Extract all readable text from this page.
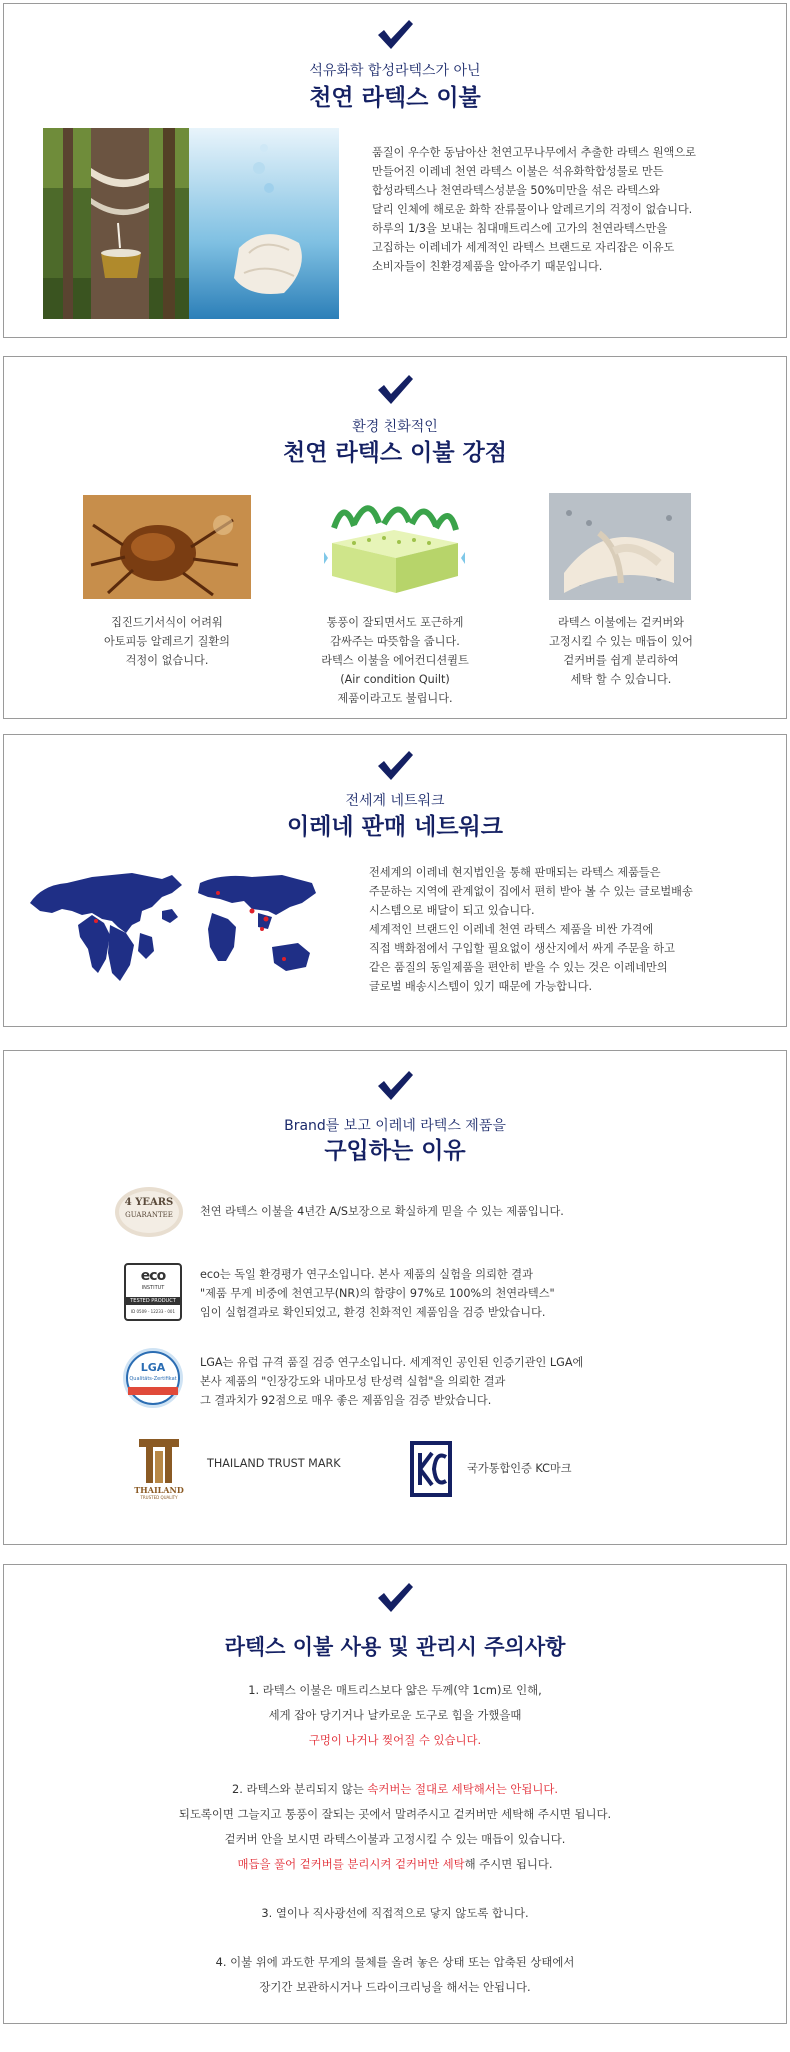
석유화학 합성라텍스가 아닌
천연 라텍스 이불
품질이 우수한 동남아산 천연고무나무에서 추출한 라텍스 원액으로
만들어진 이레네 천연 라텍스 이불은 석유화학합성물로 만든
합성라텍스나 천연라텍스성분을 50%미만을 섞은 라텍스와
달리 인체에 해로운 화학 잔류물이나 알레르기의 걱정이 없습니다.
하루의 1/3을 보내는 침대매트리스에 고가의 천연라텍스만을
고집하는 이레네가 세계적인 라텍스 브랜드로 자리잡은 이유도
소비자들이 친환경제품을 알아주기 때문입니다.
환경 친화적인
천연 라텍스 이불 강점
집진드기서식이 어려워
아토피등 알레르기 질환의
걱정이 없습니다.
통풍이 잘되면서도 포근하게
감싸주는 따뜻함을 줍니다.
라텍스 이불을 에어컨디션퀼트
(Air condition Quilt)
제품이라고도 불립니다.
라텍스 이불에는 겉커버와
고정시킬 수 있는 매듭이 있어
겉커버를 쉽게 분리하여
세탁 할 수 있습니다.
전세계 네트워크
이레네 판매 네트워크
전세계의 이레네 현지법인을 통해 판매되는 라텍스 제품들은
주문하는 지역에 관계없이 집에서 편히 받아 볼 수 있는 글로벌배송
시스템으로 배달이 되고 있습니다.
세계적인 브랜드인 이레네 천연 라텍스 제품을 비싼 가격에
직접 백화점에서 구입할 필요없이 생산지에서 싸게 주문을 하고
같은 품질의 동일제품을 편안히 받을 수 있는 것은 이레네만의
글로벌 배송시스템이 있기 때문에 가능합니다.
Brand를 보고 이레네 라텍스 제품을
구입하는 이유
4 YEARS
GUARANTEE	천연 라텍스 이불을 4년간 A/S보장으로 확실하게 믿을 수 있는 제품입니다.
eco
INSTITUT
TESTED PRODUCT
ID 0509 - 12233 - 001
eco는 독일 환경평가 연구소입니다. 본사 제품의 실험을 의뢰한 결과
"제품 무게 비중에 천연고무(NR)의 함량이 97%로 100%의 천연라텍스"
임이 실험결과로 확인되었고, 환경 친화적인 제품임을 검증 받았습니다.
LGA
Qualitäts-Zertifikat
LGA는 유럽 규격 품질 검증 연구소입니다. 세계적인 공인된 인증기관인 LGA에
본사 제품의 "인장강도와 내마모성 탄성력 실험"을 의뢰한 결과
그 결과치가 92점으로 매우 좋은 제품임을 검증 받았습니다.
THAILAND
TRUSTED QUALITY
THAILAND TRUST MARK	국가통합인증 KC마크
라텍스 이불 사용 및 관리시 주의사항
1. 라텍스 이불은 매트리스보다 얇은 두께(약 1cm)로 인해,
세게 잡아 당기거나 날카로운 도구로 힘을 가했을때
구멍이 나거나 찢어질 수 있습니다.
2. 라텍스와 분리되지 않는 속커버는 절대로 세탁해서는 안됩니다.
되도록이면 그늘지고 통풍이 잘되는 곳에서 말려주시고 겉커버만 세탁해 주시면 됩니다.
겉커버 안을 보시면 라텍스이불과 고정시킬 수 있는 매듭이 있습니다.
매듭을 풀어 겉커버를 분리시켜 겉커버만 세탁해 주시면 됩니다.
3. 열이나 직사광선에 직접적으로 닿지 않도록 합니다.
4. 이불 위에 과도한 무게의 물체를 올려 놓은 상태 또는 압축된 상태에서
장기간 보관하시거나 드라이크리닝을 해서는 안됩니다.
